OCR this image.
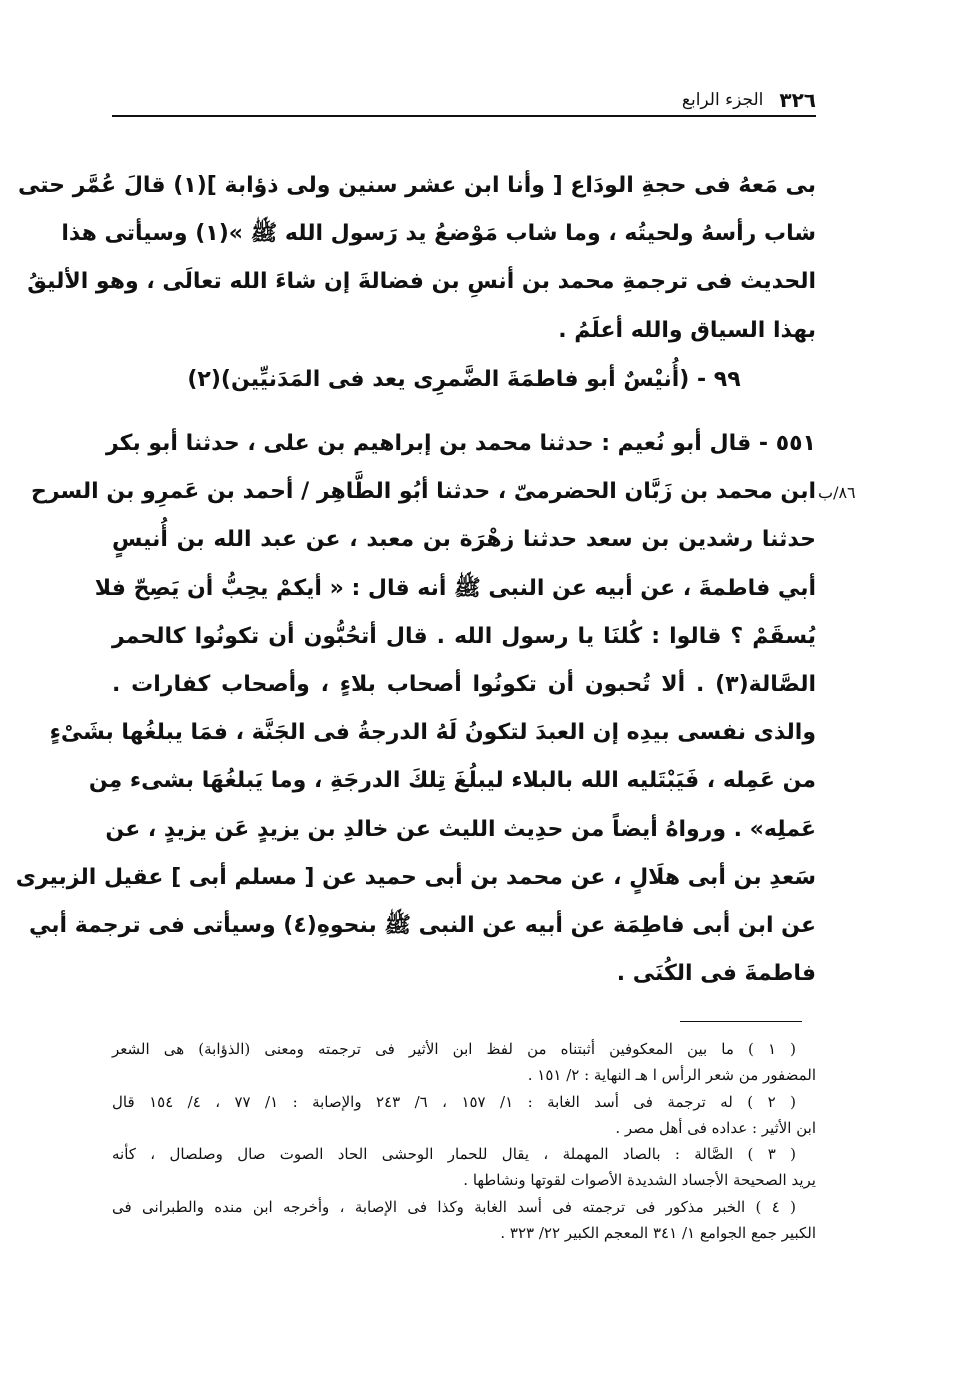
٣٢٦
الجزء الرابع
بى مَعهُ فى حجةِ الودَاع [ وأنا ابن عشر سنين ولى ذؤابة ](١) قالَ عُمَّر حتى
شاب رأسهُ ولحيتُه ، وما شاب مَوْضعُ يد رَسول الله ﷺ »(١) وسيأتى هذا
الحديث فى ترجمةِ محمد بن أنسِ بن فضالةَ إن شاءَ الله تعالَى ، وهو الأليقُ
بهذا السياق والله أعلَمُ .
٩٩ - (أُنيْسٌ أبو فاطمَةَ الضَّمرِى يعد فى المَدَنيِّين)(٢)
٨٦/ب
٥٥١ - قال أبو نُعيم : حدثنا محمد بن إبراهيم بن على ، حدثنا أبو بكر
ابن محمد بن زَبَّان الحضرمىّ ، حدثنا أبُو الطَّاهِر / أحمد بن عَمرِو بن السرح
حدثنا رشدين بن سعد حدثنا زهْرَة بن معبد ، عن عبد الله بن أُنيسٍ
أبي فاطمةَ ، عن أبيه عن النبى ﷺ أنه قال : « أيكمْ يحِبُّ أن يَصِحّ فلا
يُسقَمْ ؟ قالوا : كُلنَا يا رسول الله . قال أتحُبُّون أن تكونُوا كالحمر
الصَّالة(٣) . ألا تُحبون أن تكونُوا أصحاب بلاءٍ ، وأصحاب كفارات .
والذى نفسى بيدِه إن العبدَ لتكونُ لَهُ الدرجةُ فى الجَنَّة ، فمَا يبلغُها بشَىْءٍ
من عَمِله ، فَيَبْتَليه الله بالبلاء ليبلُغَ تِلكَ الدرجَةِ ، وما يَبلغُهَا بشىء مِن
عَملِه» . ورواهُ أيضاً من حدِيث الليث عن خالدِ بن يزيدٍ عَن يزيدٍ ، عن
سَعدِ بن أبى هلَالٍ ، عن محمد بن أبى حميد عن [ مسلم أبى ] عقيل الزبيرى
عن ابن أبى فاطِمَة عن أبيه عن النبى ﷺ بنحوهِ(٤) وسيأتى فى ترجمة أبي
فاطمةَ فى الكُنَى .
( ١ ) ما بين المعكوفين أثبتناه من لفظ ابن الأثير فى ترجمته ومعنى (الذؤابة) هى الشعر
المضفور من شعر الرأس ا هـ النهاية : ٢/ ١٥١ .
( ٢ ) له ترجمة فى أسد الغابة : ١/ ١٥٧ ، ٦/ ٢٤٣ والإصابة : ١/ ٧٧ ، ٤/ ١٥٤ قال
ابن الأثير : عداده فى أهل مصر .
( ٣ ) الصَّالة : بالصاد المهملة ، يقال للحمار الوحشى الحاد الصوت صال وصلصال ، كأنه
يريد الصحيحة الأجساد الشديدة الأصوات لقوتها ونشاطها .
( ٤ ) الخبر مذكور فى ترجمته فى أسد الغابة وكذا فى الإصابة ، وأخرجه ابن منده والطبرانى فى
الكبير جمع الجوامع ١/ ٣٤١ المعجم الكبير ٢٢/ ٣٢٣ .
